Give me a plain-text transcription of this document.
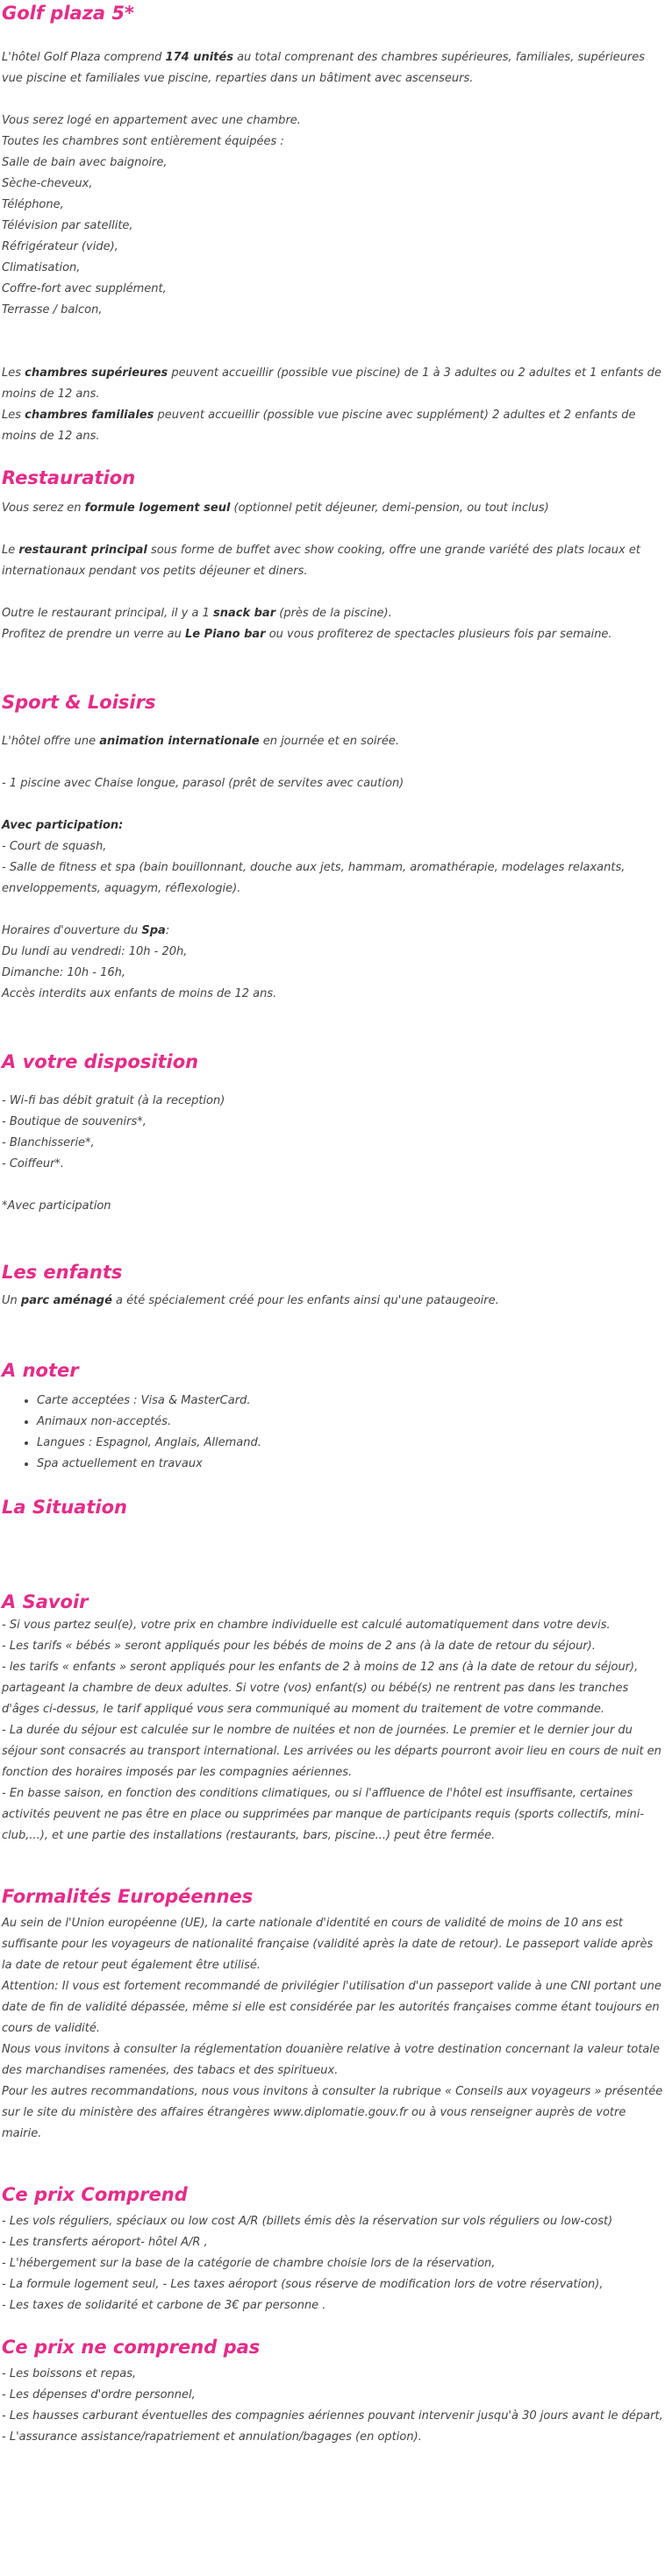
Golf plaza 5*

L'hôtel Golf Plaza comprend 174 unités au total comprenant des chambres supérieures, familiales, supérieures vue piscine et familiales vue piscine, reparties dans un bâtiment avec ascenseurs.

Vous serez logé en appartement avec une chambre.

Toutes les chambres sont entièrement équipées :

Salle de bain avec baignoire,

Sèche-cheveux,

Téléphone,

Télévision par satellite,

Réfrigérateur (vide),

Climatisation,

Coffre-fort avec supplément,

Terrasse / balcon,

Les chambres supérieures peuvent accueillir (possible vue piscine) de 1 à 3 adultes ou 2 adultes et 1 enfants de moins de 12 ans.

Les chambres familiales peuvent accueillir (possible vue piscine avec supplément) 2 adultes et 2 enfants de moins de 12 ans.

Restauration

Vous serez en formule logement seul (optionnel petit déjeuner, demi-pension, ou tout inclus)

Le restaurant principal sous forme de buffet avec show cooking, offre une grande variété des plats locaux et internationaux pendant vos petits déjeuner et diners.

Outre le restaurant principal, il y a 1 snack bar (près de la piscine).

Profitez de prendre un verre au Le Piano bar ou vous profiterez de spectacles plusieurs fois par semaine.

Sport & Loisirs

L'hôtel offre une animation internationale en journée et en soirée.

- 1 piscine avec Chaise longue, parasol (prêt de servites avec caution)

Avec participation:

- Court de squash,

- Salle de fitness et spa (bain bouillonnant, douche aux jets, hammam, aromathérapie, modelages relaxants, enveloppements, aquagym, réflexologie).

Horaires d'ouverture du Spa:

Du lundi au vendredi: 10h - 20h,

Dimanche: 10h - 16h,

Accès interdits aux enfants de moins de 12 ans.

A votre disposition

- Wi-fi bas débit gratuit (à la reception)

- Boutique de souvenirs*,

- Blanchisserie*,

- Coiffeur*.

*Avec participation

Les enfants

Un parc aménagé a été spécialement créé pour les enfants ainsi qu'une pataugeoire.

A noter
• Carte acceptées : Visa & MasterCard.
• Animaux non-acceptés.
• Langues : Espagnol, Anglais, Allemand.
• Spa actuellement en travaux
La Situation
A Savoir

- Si vous partez seul(e), votre prix en chambre individuelle est calculé automatiquement dans votre devis.

- Les tarifs « bébés » seront appliqués pour les bébés de moins de 2 ans (à la date de retour du séjour).

- les tarifs « enfants » seront appliqués pour les enfants de 2 à moins de 12 ans (à la date de retour du séjour), partageant la chambre de deux adultes. Si votre (vos) enfant(s) ou bébé(s) ne rentrent pas dans les tranches d'âges ci-dessus, le tarif appliqué vous sera communiqué au moment du traitement de votre commande.

- La durée du séjour est calculée sur le nombre de nuitées et non de journées. Le premier et le dernier jour du séjour sont consacrés au transport international. Les arrivées ou les départs pourront avoir lieu en cours de nuit en fonction des horaires imposés par les compagnies aériennes.

- En basse saison, en fonction des conditions climatiques, ou si l'affluence de l'hôtel est insuffisante, certaines activités peuvent ne pas être en place ou supprimées par manque de participants requis (sports collectifs, mini-club,...), et une partie des installations (restaurants, bars, piscine...) peut être fermée.

Formalités Européennes

Au sein de l'Union européenne (UE), la carte nationale d'identité en cours de validité de moins de 10 ans est suffisante pour les voyageurs de nationalité française (validité après la date de retour). Le passeport valide après la date de retour peut également être utilisé.

Attention: Il vous est fortement recommandé de privilégier l'utilisation d'un passeport valide à une CNI portant une date de fin de validité dépassée, même si elle est considérée par les autorités françaises comme étant toujours en cours de validité.

Nous vous invitons à consulter la réglementation douanière relative à votre destination concernant la valeur totale des marchandises ramenées, des tabacs et des spiritueux.

Pour les autres recommandations, nous vous invitons à consulter la rubrique « Conseils aux voyageurs » présentée sur le site du ministère des affaires étrangères www.diplomatie.gouv.fr ou à vous renseigner auprès de votre mairie.

Ce prix Comprend

- Les vols réguliers, spéciaux ou low cost A/R (billets émis dès la réservation sur vols réguliers ou low-cost)

- Les transferts aéroport- hôtel A/R ,

- L'hébergement sur la base de la catégorie de chambre choisie lors de la réservation,

- La formule logement seul, - Les taxes aéroport (sous réserve de modification lors de votre réservation),

- Les taxes de solidarité et carbone de 3€ par personne .

Ce prix ne comprend pas

- Les boissons et repas,

- Les dépenses d'ordre personnel,

- Les hausses carburant éventuelles des compagnies aériennes pouvant intervenir jusqu'à 30 jours avant le départ,

- L'assurance assistance/rapatriement et annulation/bagages (en option).
